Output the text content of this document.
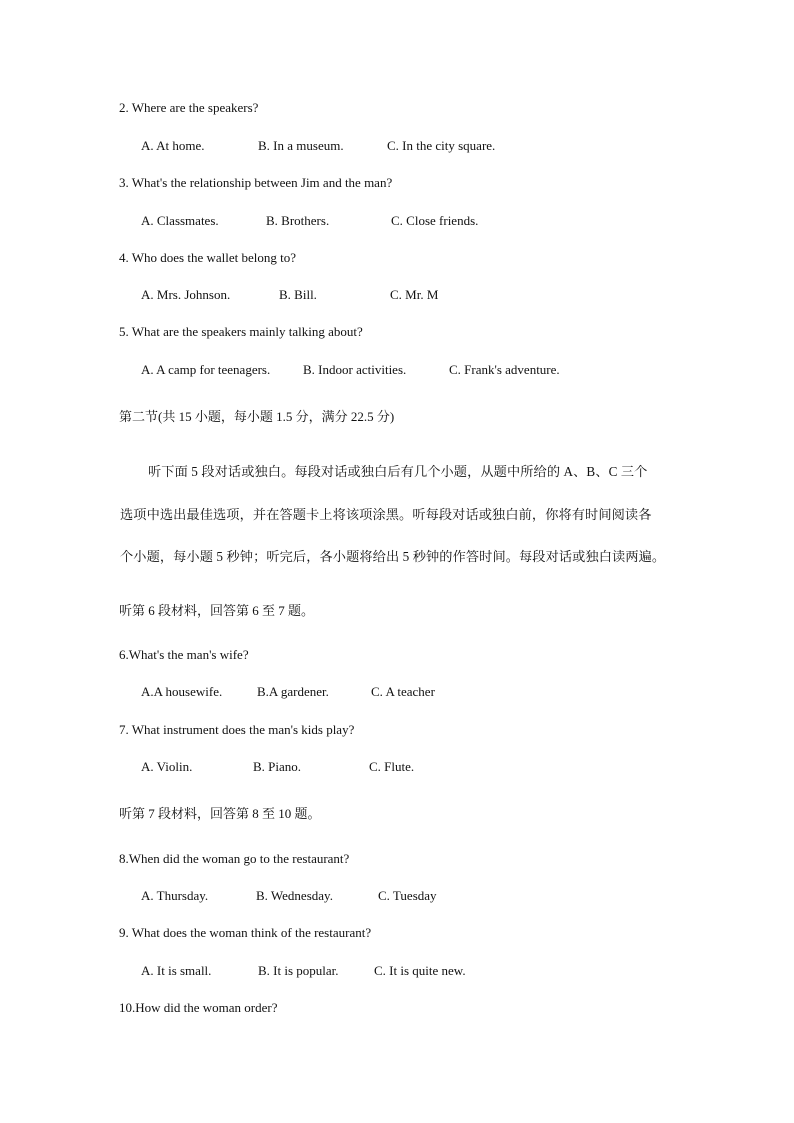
2. Where are the speakers?
A. At home.	B. In a museum.	C. In the city square.
3. What's the relationship between Jim and the man?
A. Classmates.	B. Brothers.	C. Close friends.
4. Who does the wallet belong to?
A. Mrs. Johnson.	B. Bill.	C. Mr. M
5. What are the speakers mainly talking about?
A. A camp for teenagers.	B. Indoor activities.	C. Frank's adventure.
第二节(共 15 小题，每小题 1.5 分，满分 22.5 分)
听下面 5 段对话或独白。每段对话或独白后有几个小题，从题中所给的 A、B、C 三个
选项中选出最佳选项，并在答题卡上将该项涂黑。听每段对话或独白前，你将有时间阅读各
个小题，每小题 5 秒钟；听完后，各小题将给出 5 秒钟的作答时间。每段对话或独白读两遍。
听第 6 段材料，回答第 6 至 7 题。
6.What's the man's wife?
A.A housewife.	B.A gardener.	C. A teacher
7. What instrument does the man's kids play?
A. Violin.	B. Piano.	C. Flute.
听第 7 段材料，回答第 8 至 10 题。
8.When did the woman go to the restaurant?
A. Thursday.	B. Wednesday.	C. Tuesday
9. What does the woman think of the restaurant?
A. It is small.	B. It is popular.	C. It is quite new.
10.How did the woman order?
